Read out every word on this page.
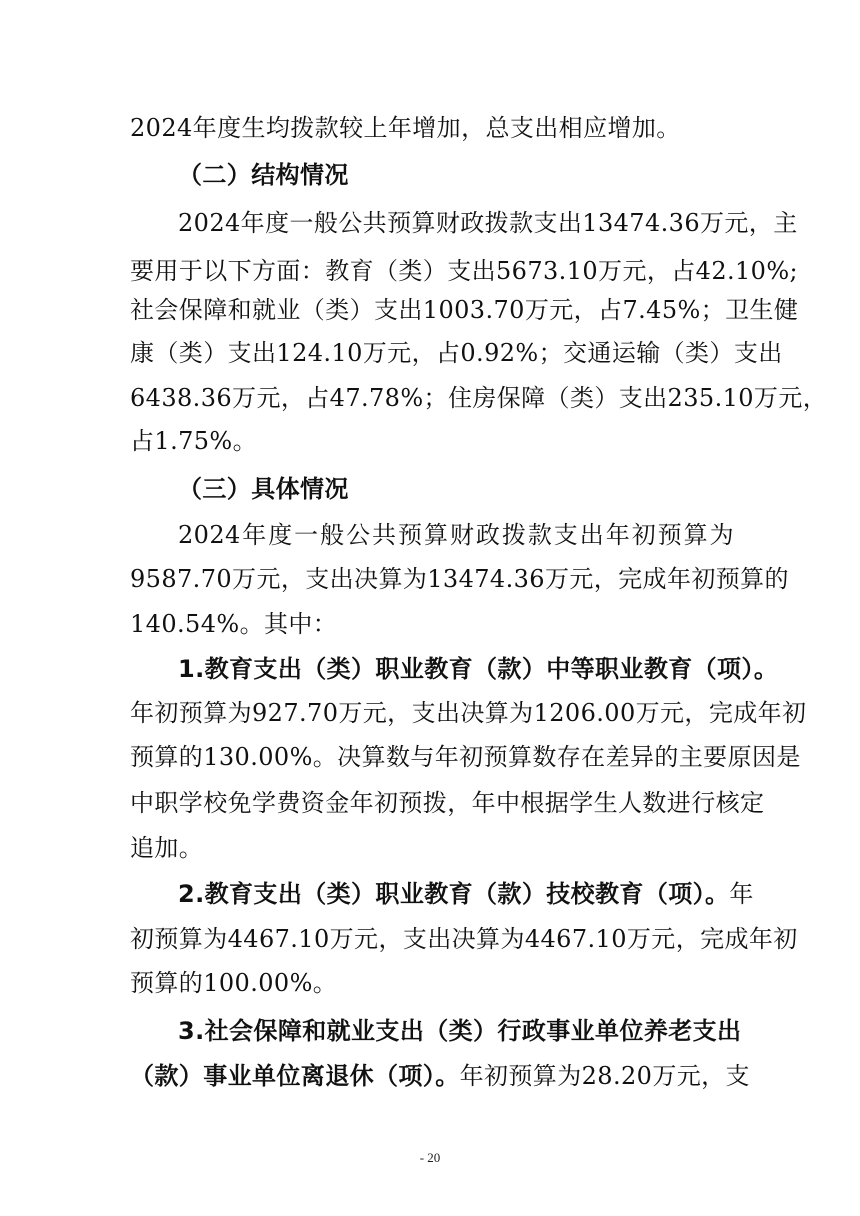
2024年度生均拨款较上年增加，总支出相应增加。
（二）结构情况
2024年度一般公共预算财政拨款支出13474.36万元，主
要用于以下方面：教育（类）支出5673.10万元，占42.10%;
社会保障和就业（类）支出1003.70万元，占7.45%；卫生健
康（类）支出124.10万元，占0.92%；交通运输（类）支出
6438.36万元，占47.78%；住房保障（类）支出235.10万元，
占1.75%。
（三）具体情况
2024年度一般公共预算财政拨款支出年初预算为
9587.70万元，支出决算为13474.36万元，完成年初预算的
140.54%。其中：
1.教育支出（类）职业教育（款）中等职业教育（项）。
年初预算为927.70万元，支出决算为1206.00万元，完成年初
预算的130.00%。决算数与年初预算数存在差异的主要原因是
中职学校免学费资金年初预拨，年中根据学生人数进行核定
追加。
2.教育支出（类）职业教育（款）技校教育（项）。年
初预算为4467.10万元，支出决算为4467.10万元，完成年初
预算的100.00%。
3.社会保障和就业支出（类）行政事业单位养老支出
（款）事业单位离退休（项）。年初预算为28.20万元，支
- 20
